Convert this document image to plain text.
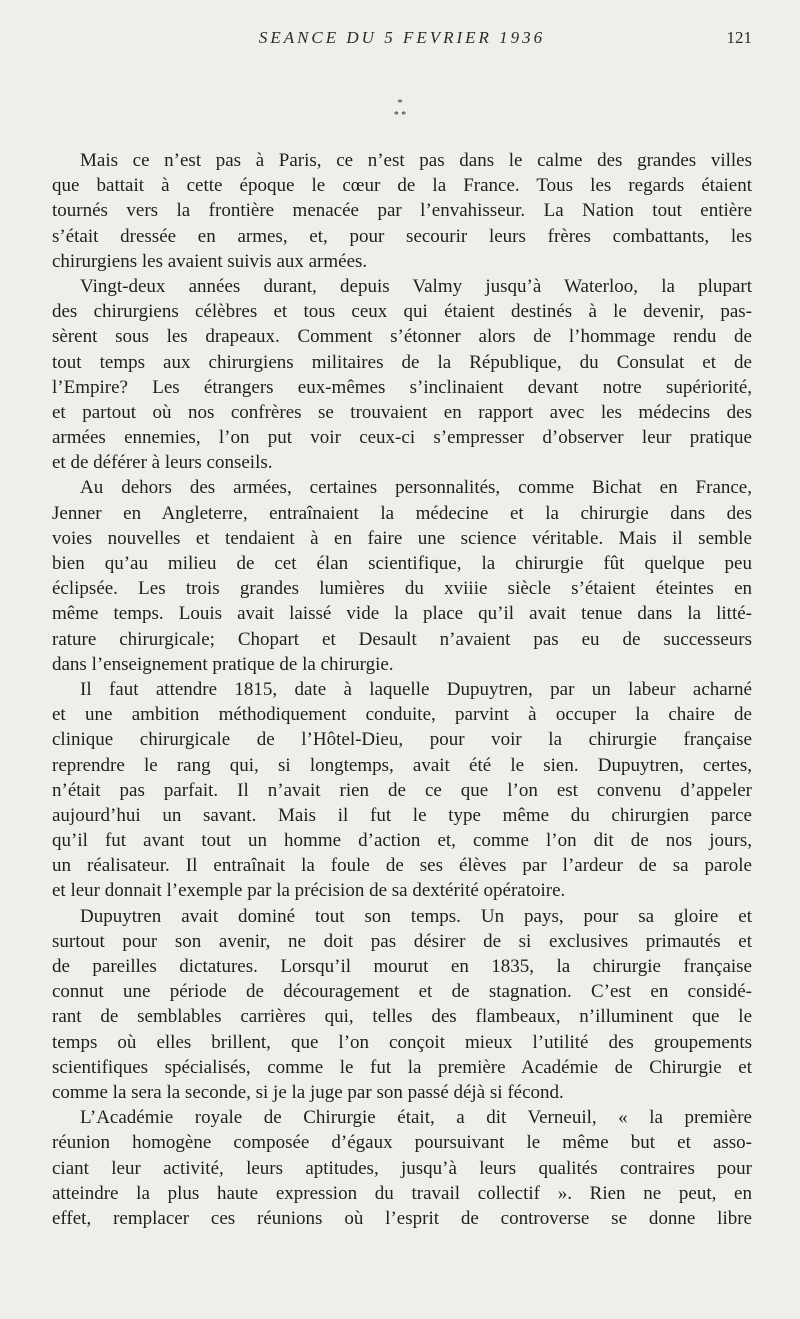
SEANCE DU 5 FEVRIER 1936	121
*
* *
Mais ce n’est pas à Paris, ce n’est pas dans le calme des grandes villes
que battait à cette époque le cœur de la France. Tous les regards étaient
tournés vers la frontière menacée par l’envahisseur. La Nation tout entière
s’était dressée en armes, et, pour secourir leurs frères combattants, les
chirurgiens les avaient suivis aux armées.
Vingt-deux années durant, depuis Valmy jusqu’à Waterloo, la plupart
des chirurgiens célèbres et tous ceux qui étaient destinés à le devenir, pas-
sèrent sous les drapeaux. Comment s’étonner alors de l’hommage rendu de
tout temps aux chirurgiens militaires de la République, du Consulat et de
l’Empire? Les étrangers eux-mêmes s’inclinaient devant notre supériorité,
et partout où nos confrères se trouvaient en rapport avec les médecins des
armées ennemies, l’on put voir ceux-ci s’empresser d’observer leur pratique
et de déférer à leurs conseils.
Au dehors des armées, certaines personnalités, comme Bichat en France,
Jenner en Angleterre, entraînaient la médecine et la chirurgie dans des
voies nouvelles et tendaient à en faire une science véritable. Mais il semble
bien qu’au milieu de cet élan scientifique, la chirurgie fût quelque peu
éclipsée. Les trois grandes lumières du xviiie siècle s’étaient éteintes en
même temps. Louis avait laissé vide la place qu’il avait tenue dans la litté-
rature chirurgicale; Chopart et Desault n’avaient pas eu de successeurs
dans l’enseignement pratique de la chirurgie.
Il faut attendre 1815, date à laquelle Dupuytren, par un labeur acharné
et une ambition méthodiquement conduite, parvint à occuper la chaire de
clinique chirurgicale de l’Hôtel-Dieu, pour voir la chirurgie française
reprendre le rang qui, si longtemps, avait été le sien. Dupuytren, certes,
n’était pas parfait. Il n’avait rien de ce que l’on est convenu d’appeler
aujourd’hui un savant. Mais il fut le type même du chirurgien parce
qu’il fut avant tout un homme d’action et, comme l’on dit de nos jours,
un réalisateur. Il entraînait la foule de ses élèves par l’ardeur de sa parole
et leur donnait l’exemple par la précision de sa dextérité opératoire.
Dupuytren avait dominé tout son temps. Un pays, pour sa gloire et
surtout pour son avenir, ne doit pas désirer de si exclusives primautés et
de pareilles dictatures. Lorsqu’il mourut en 1835, la chirurgie française
connut une période de découragement et de stagnation. C’est en considé-
rant de semblables carrières qui, telles des flambeaux, n’illuminent que le
temps où elles brillent, que l’on conçoit mieux l’utilité des groupements
scientifiques spécialisés, comme le fut la première Académie de Chirurgie et
comme la sera la seconde, si je la juge par son passé déjà si fécond.
L’Académie royale de Chirurgie était, a dit Verneuil, « la première
réunion homogène composée d’égaux poursuivant le même but et asso-
ciant leur activité, leurs aptitudes, jusqu’à leurs qualités contraires pour
atteindre la plus haute expression du travail collectif ». Rien ne peut, en
effet, remplacer ces réunions où l’esprit de controverse se donne libre
